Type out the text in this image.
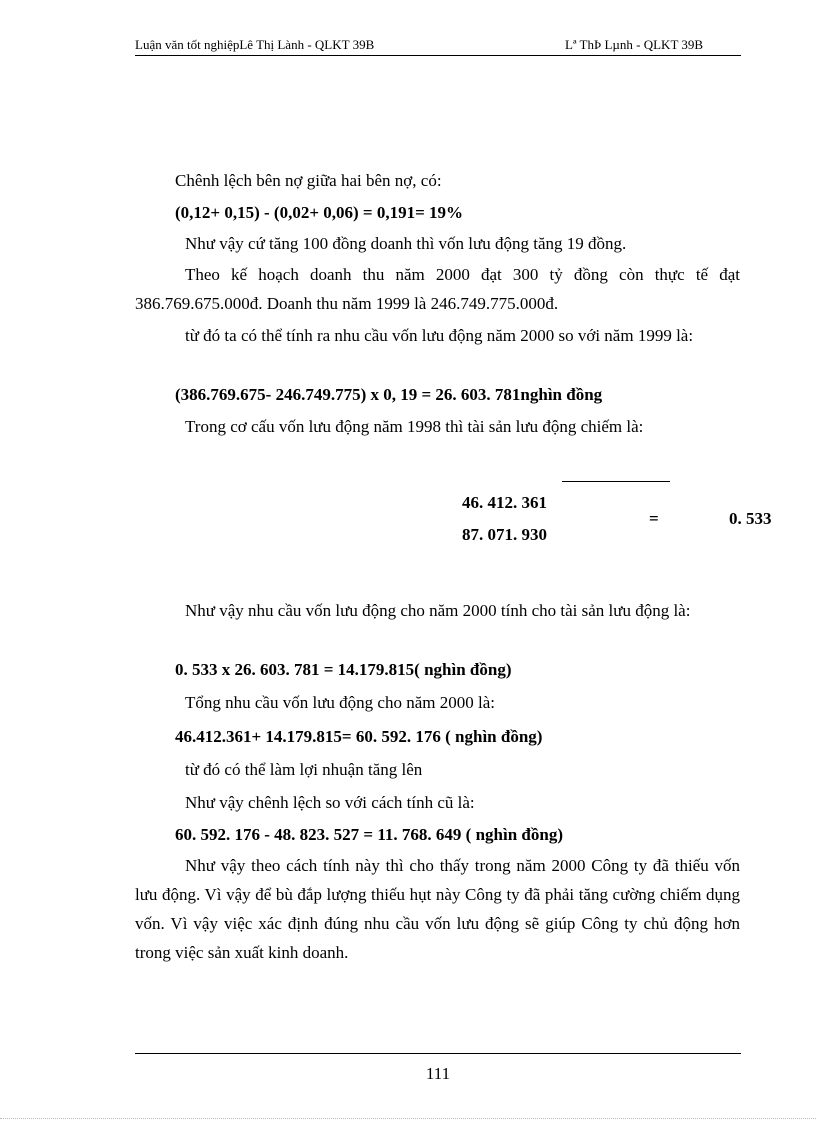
Luận văn tốt nghiệpLê Thị Lành - QLKT 39B	Lª ThÞ Lµnh - QLKT 39B
Chênh lệch bên nợ giữa hai bên nợ, có:
(0,12+ 0,15) - (0,02+ 0,06) = 0,191= 19%
Như vậy cứ tăng 100 đồng doanh thì vốn lưu động tăng 19 đồng.
Theo kế hoạch doanh thu năm 2000 đạt 300 tỷ đồng còn thực tế đạt 386.769.675.000đ. Doanh thu năm 1999 là 246.749.775.000đ.
từ đó ta có thể tính ra nhu cầu vốn lưu động năm 2000 so với năm 1999 là:
(386.769.675- 246.749.775) x 0, 19 = 26. 603. 781nghìn đồng
Trong cơ cấu vốn lưu động năm 1998 thì tài sản lưu động chiếm là:
46. 412. 361
=	0. 533
87. 071. 930
Như vậy nhu cầu vốn lưu động cho năm 2000 tính cho tài sản lưu động là:
0. 533 x 26. 603. 781 = 14.179.815( nghìn đồng)
Tổng nhu cầu vốn lưu động cho năm 2000 là:
46.412.361+ 14.179.815= 60. 592. 176 ( nghìn đồng)
từ đó có thể làm lợi nhuận tăng lên
Như vậy chênh lệch so với cách tính cũ là:
60. 592. 176 - 48. 823. 527 = 11. 768. 649 ( nghìn đồng)
Như vậy theo cách tính này thì cho thấy trong năm 2000 Công ty đã thiếu vốn lưu động. Vì vậy để bù đắp lượng thiếu hụt này Công ty đã phải tăng cường chiếm dụng vốn. Vì vậy việc xác định đúng nhu cầu vốn lưu động sẽ giúp Công ty chủ động hơn trong việc sản xuất kinh doanh.
111
